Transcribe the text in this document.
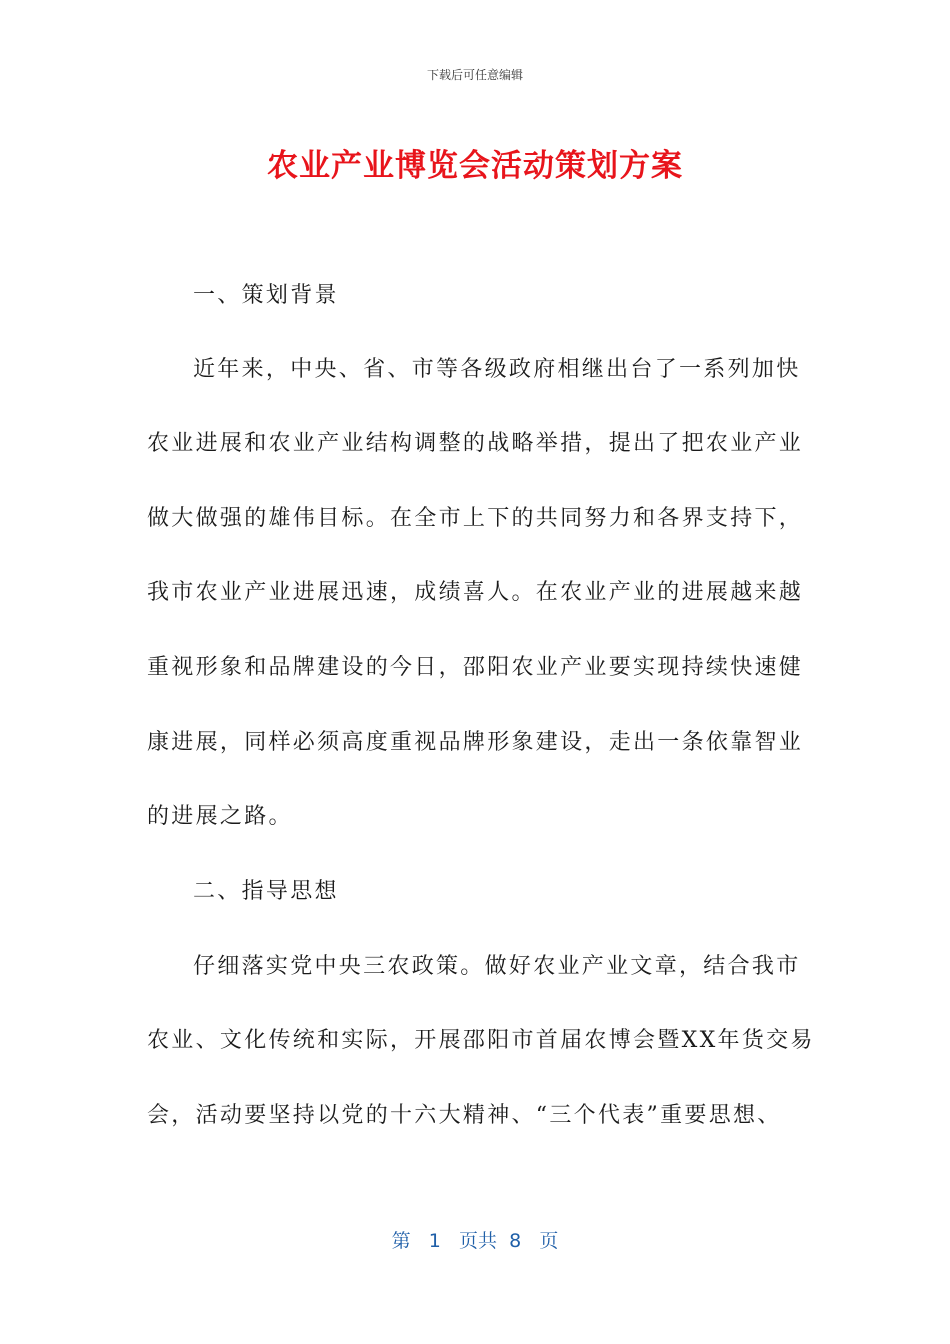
下载后可任意编辑
农业产业博览会活动策划方案
一、策划背景
近年来，中央、省、市等各级政府相继出台了一系列加快
农业进展和农业产业结构调整的战略举措，提出了把农业产业
做大做强的雄伟目标。在全市上下的共同努力和各界支持下，
我市农业产业进展迅速，成绩喜人。在农业产业的进展越来越
重视形象和品牌建设的今日，邵阳农业产业要实现持续快速健
康进展，同样必须高度重视品牌形象建设，走出一条依靠智业
的进展之路。
二、指导思想
仔细落实党中央三农政策。做好农业产业文章，结合我市
农业、文化传统和实际，开展邵阳市首届农博会暨XX年货交易
会，活动要坚持以党的十六大精神、“三个代表”重要思想、
第 1 页共 8 页
